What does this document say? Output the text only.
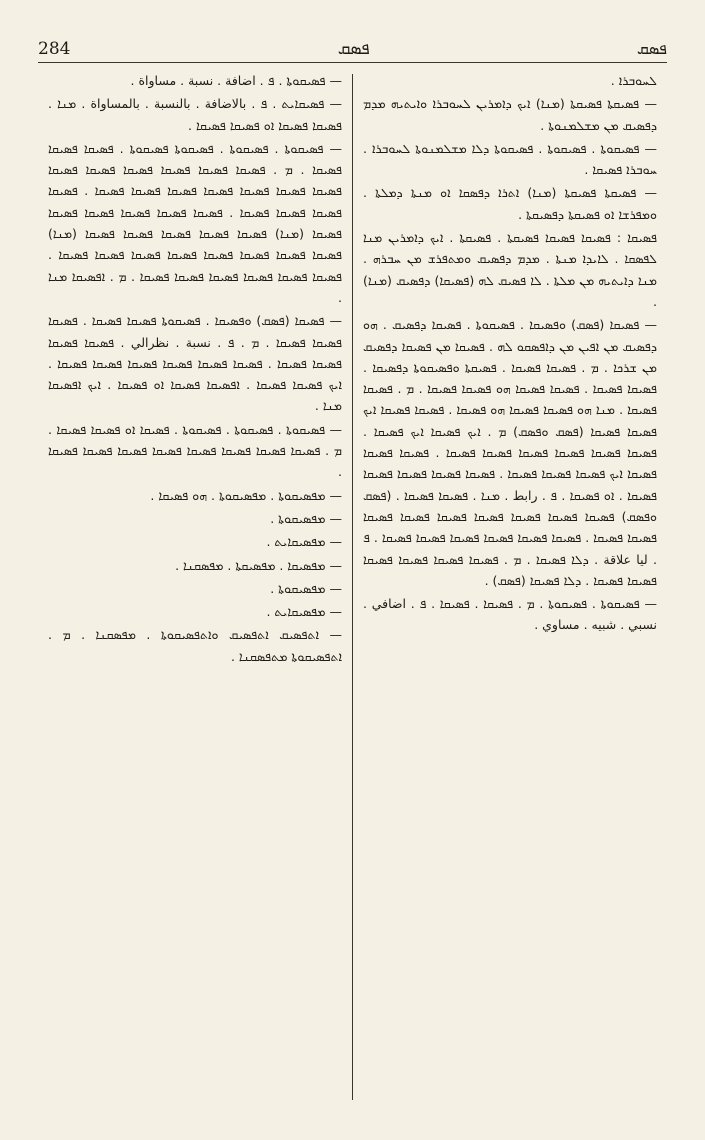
284	ܦܣܩ	ܦܣܩ

ܠܚܘܒܪܐ .

— ܦܣܝܩܬܐ ܦܣܝܩܬܐ (ܡܢܐ) ܐܝܟ ܕܐܡܪܝܢ ܠܚܘܒܪܐ ܘܐܝܬܝܗ ܡܕܡ ܕܦܣܝܩ ܡܢ ܡܫܠܡܢܘܬܐ .

— ܦܣܝܩܘܬܐ . ܦܣܝܩܘܬܐ . ܦܣܝܩܘܬܐ ܕܠܐ ܡܫܠܡܢܘܬܐ ܠܚܘܒܪܐ . ܚܘܒܪܐ ܦܣܝܩܐ .

— ܦܣܝܩܬܐ ܦܣܝܩܬܐ (ܡܢܐ) ܐܬܪܐ ܕܦܣܩܐ ܐܘ ܡܢܬܐ ܕܡܠܬܐ . ܘܡܦܪܫܐ ܐܘ ܦܣܝܩܬܐ ܕܦܣܝܩܬܐ .

ܦܣܝܩܐ : ܦܣܝܩܐ ܦܣܝܩܐ ܦܣܝܩܬܐ . ܦܣܝܩܬܐ . ܐܝܟ ܕܐܡܪܝܢ ܡܢܐ ܠܦܣܩܐ . ܠܐܝܕܐ ܡܢܬܐ . ܡܕܡ ܕܦܣܝܩ ܘܡܬܦܪܫ ܡܢ ܚܒܪܗ . ܡܢܐ ܕܐܝܬܝܗ ܡܢ ܡܠܬܐ . ܠܐ ܦܣܝܩ ܠܗ (ܦܣܝܩܐ) ܕܦܣܝܩ (ܡܢܐ) .

— ܦܣܝܩܐ (ܦܣܩ) ܘܦܣܝܩܐ . ܦܣܝܩܘܬܐ . ܦܣܝܩܐ ܕܦܣܝܩ . ܗܘ ܕܦܣܝܩ ܡܢ ܐܦܝܢ ܡܢ ܕܐܦܣܩܘ ܠܗ . ܦܣܝܩܐ ܡܢ ܦܣܝܩܐ ܕܦܣܝܩ ܡܢ ܫܪܟܐ . ܡ . ܦܣܝܩܐ ܦܣܝܩܐ . ܦܣܝܩܬܐ ܘܦܣܝܩܘܬܐ ܕܦܣܝܩܐ . ܦܣܝܩܐ ܦܣܝܩܐ . ܦܣܝܩܐ ܦܣܝܩܐ ܗܘ ܦܣܝܩܐ ܦܣܝܩܐ . ܡ . ܦܣܝܩܐ ܦܣܝܩܐ . ܡܢܐ ܗܘ ܦܣܝܩܐ ܦܣܝܩܐ ܗܘ ܦܣܝܩܐ . ܦܣܝܩܐ ܦܣܝܩܐ ܐܝܟ ܦܣܝܩܐ ܦܣܝܩܐ (ܦܣܩ ܘܦܣܩ) ܡ . ܐܝܟ ܦܣܝܩܐ ܐܝܟ ܦܣܝܩܐ . ܦܣܝܩܐ ܦܣܝܩܐ ܦܣܝܩܐ ܦܣܝܩܐ ܦܣܝܩܐ ܦܣܝܩܐ . ܦܣܝܩܐ ܦܣܝܩܐ ܦܣܝܩܐ ܐܝܟ ܦܣܝܩܐ ܦܣܝܩܐ ܦܣܝܩܐ . ܦܣܝܩܐ ܦܣܝܩܐ ܦܣܝܩܐ ܦܣܝܩܐ ܦܣܝܩܐ . ܐܘ ܦܣܝܩܐ . ܦ . رابط . ܡܢܐ . ܦܣܝܩܐ ܦܣܝܩܐ . (ܦܣܩ ܘܦܣܩ) ܦܣܝܩܐ ܦܣܝܩܐ ܦܣܝܩܐ ܦܣܝܩܐ ܦܣܝܩܐ ܦܣܝܩܐ ܦܣܝܩܐ ܦܣܝܩܐ ܦܣܝܩܐ . ܦܣܝܩܐ ܦܣܝܩܐ ܦܣܝܩܐ ܦܣܝܩܐ ܦܣܝܩܐ ܦܣܝܩܐ . ܦ . ليا علاقة . ܕܠܐ ܦܣܝܩܐ . ܡ . ܦܣܝܩܐ ܦܣܝܩܐ ܦܣܝܩܐ ܦܣܝܩܐ ܦܣܝܩܐ ܦܣܝܩܐ . ܕܠܐ ܦܣܝܩܐ (ܦܣܩ) .

— ܦܣܝܩܘܬܐ . ܦܣܝܩܘܬܐ . ܡ . ܦܣܝܩܐ . ܦܣܝܩܐ . ܦ . اضافي . نسبي . شبيه . مساوي .

— ܦܣܝܩܘܬܐ . ܦ . اضافة . نسبة . مساواة .

— ܦܣܝܩܐܝܬ . ܦ . بالاضافة . بالنسبة . بالمساواة . ܡܢܐ . ܦܣܝܩܐ ܦܣܝܩܐ ܐܘ ܦܣܝܩܐ ܦܣܝܩܐ .

— ܦܣܝܩܘܬܐ . ܦܣܝܩܘܬܐ . ܦܣܝܩܘܬܐ ܦܣܝܩܘܬܐ . ܦܣܝܩܐ ܦܣܝܩܐ ܦܣܝܩܐ . ܡ . ܦܣܝܩܐ ܦܣܝܩܐ ܦܣܝܩܐ ܦܣܝܩܐ ܦܣܝܩܐ ܦܣܝܩܐ ܦܣܝܩܐ ܦܣܝܩܐ ܦܣܝܩܐ ܦܣܝܩܐ ܦܣܝܩܐ ܦܣܝܩܐ ܦܣܝܩܐ . ܦܣܝܩܐ ܦܣܝܩܐ ܦܣܝܩܐ ܦܣܝܩܐ . ܦܣܝܩܐ ܦܣܝܩܐ ܦܣܝܩܐ ܦܣܝܩܐ ܦܣܝܩܐ ܦܣܝܩܐ (ܡܢܐ) ܦܣܝܩܐ ܦܣܝܩܐ ܦܣܝܩܐ ܦܣܝܩܐ ܦܣܝܩܐ (ܡܢܐ) ܦܣܝܩܐ ܦܣܝܩܐ ܦܣܝܩܐ ܦܣܝܩܐ ܦܣܝܩܐ ܦܣܝܩܐ ܦܣܝܩܐ ܦܣܝܩܐ . ܦܣܝܩܐ ܦܣܝܩܐ ܦܣܝܩܐ ܦܣܝܩܐ ܦܣܝܩܐ ܦܣܝܩܐ . ܡ . ܐܦܣܝܩܐ ܡܢܐ .

— ܦܣܝܩܐ (ܦܣܩ) ܘܦܣܝܩܐ . ܦܣܝܩܘܬܐ ܦܣܝܩܐ ܦܣܝܩܐ . ܦܣܝܩܐ ܦܣܝܩܐ ܦܣܝܩܐ . ܡ . ܦ . نسبة . نظرالي . ܦܣܝܩܐ ܦܣܝܩܐ ܦܣܝܩܐ ܦܣܝܩܐ . ܦܣܝܩܐ ܦܣܝܩܐ ܦܣܝܩܐ ܦܣܝܩܐ ܦܣܝܩܐ ܦܣܝܩܐ . ܐܝܟ ܦܣܝܩܐ ܦܣܝܩܐ . ܐܦܣܝܩܐ ܦܣܝܩܐ ܐܘ ܦܣܝܩܐ . ܐܝܟ ܐܦܣܝܩܐ ܡܢܐ .

— ܦܣܝܩܘܬܐ . ܦܣܝܩܘܬܐ . ܦܣܝܩܘܬܐ . ܦܣܝܩܐ ܐܘ ܦܣܝܩܐ ܦܣܝܩܐ . ܡ . ܦܣܝܩܐ ܦܣܝܩܐ ܦܣܝܩܐ ܦܣܝܩܐ ܦܣܝܩܐ ܦܣܝܩܐ ܦܣܝܩܐ ܦܣܝܩܐ .

— ܡܦܣܝܩܘܬܐ . ܡܦܣܝܩܘܬܐ . ܗܘ ܦܣܝܩܐ .

— ܡܦܣܝܩܘܬܐ .

— ܡܦܣܝܩܐܝܬ .

— ܡܦܣܝܩܐ . ܡܦܣܝܩܬܐ . ܡܦܣܩܢܐ .

— ܡܦܣܝܩܘܬܐ .

— ܡܦܣܝܩܐܝܬ .

— ܐܬܦܣܝܩ ܐܬܦܣܝܩ ܘܐܬܦܣܝܩܘܬܐ . ܡܦܣܩܢܐ . ܡ . ܐܬܦܣܝܩܘܬܐ ܡܬܦܣܩܢܐ .
